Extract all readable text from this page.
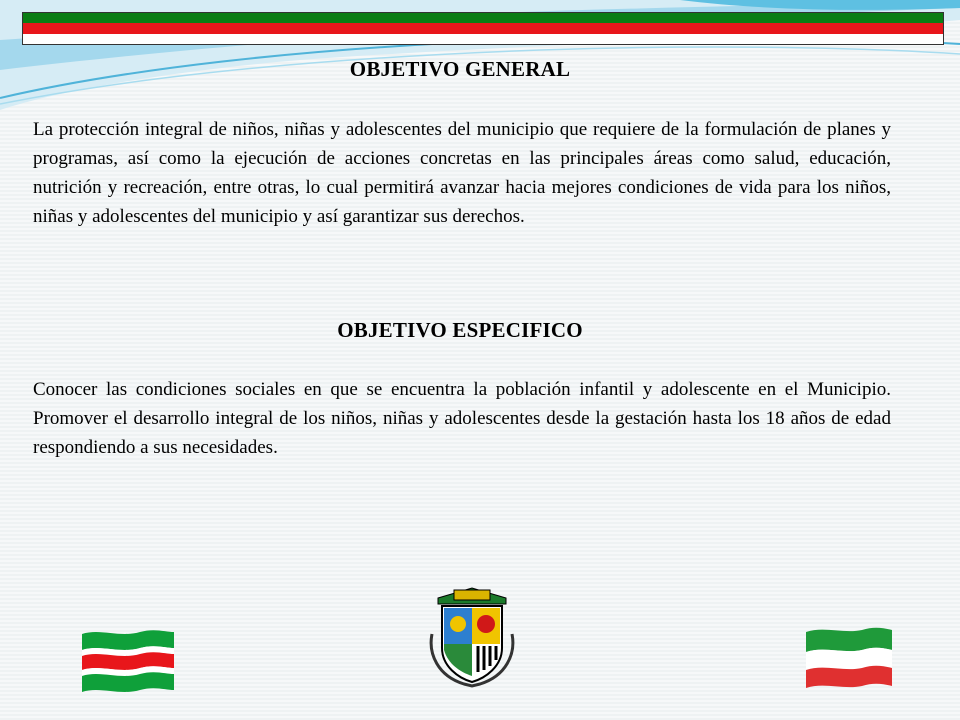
OBJETIVO GENERAL
La protección integral de niños, niñas y adolescentes del municipio que requiere de la formulación de planes y programas, así como la ejecución de acciones concretas en las principales áreas como salud, educación, nutrición y recreación, entre otras, lo cual permitirá avanzar hacia mejores condiciones de vida para los niños, niñas y adolescentes del municipio y así garantizar sus derechos.
OBJETIVO ESPECIFICO
Conocer las condiciones sociales en que se encuentra la población infantil y adolescente en el Municipio. Promover el desarrollo integral de los niños, niñas y adolescentes desde la gestación hasta los 18 años de edad respondiendo a sus necesidades.
